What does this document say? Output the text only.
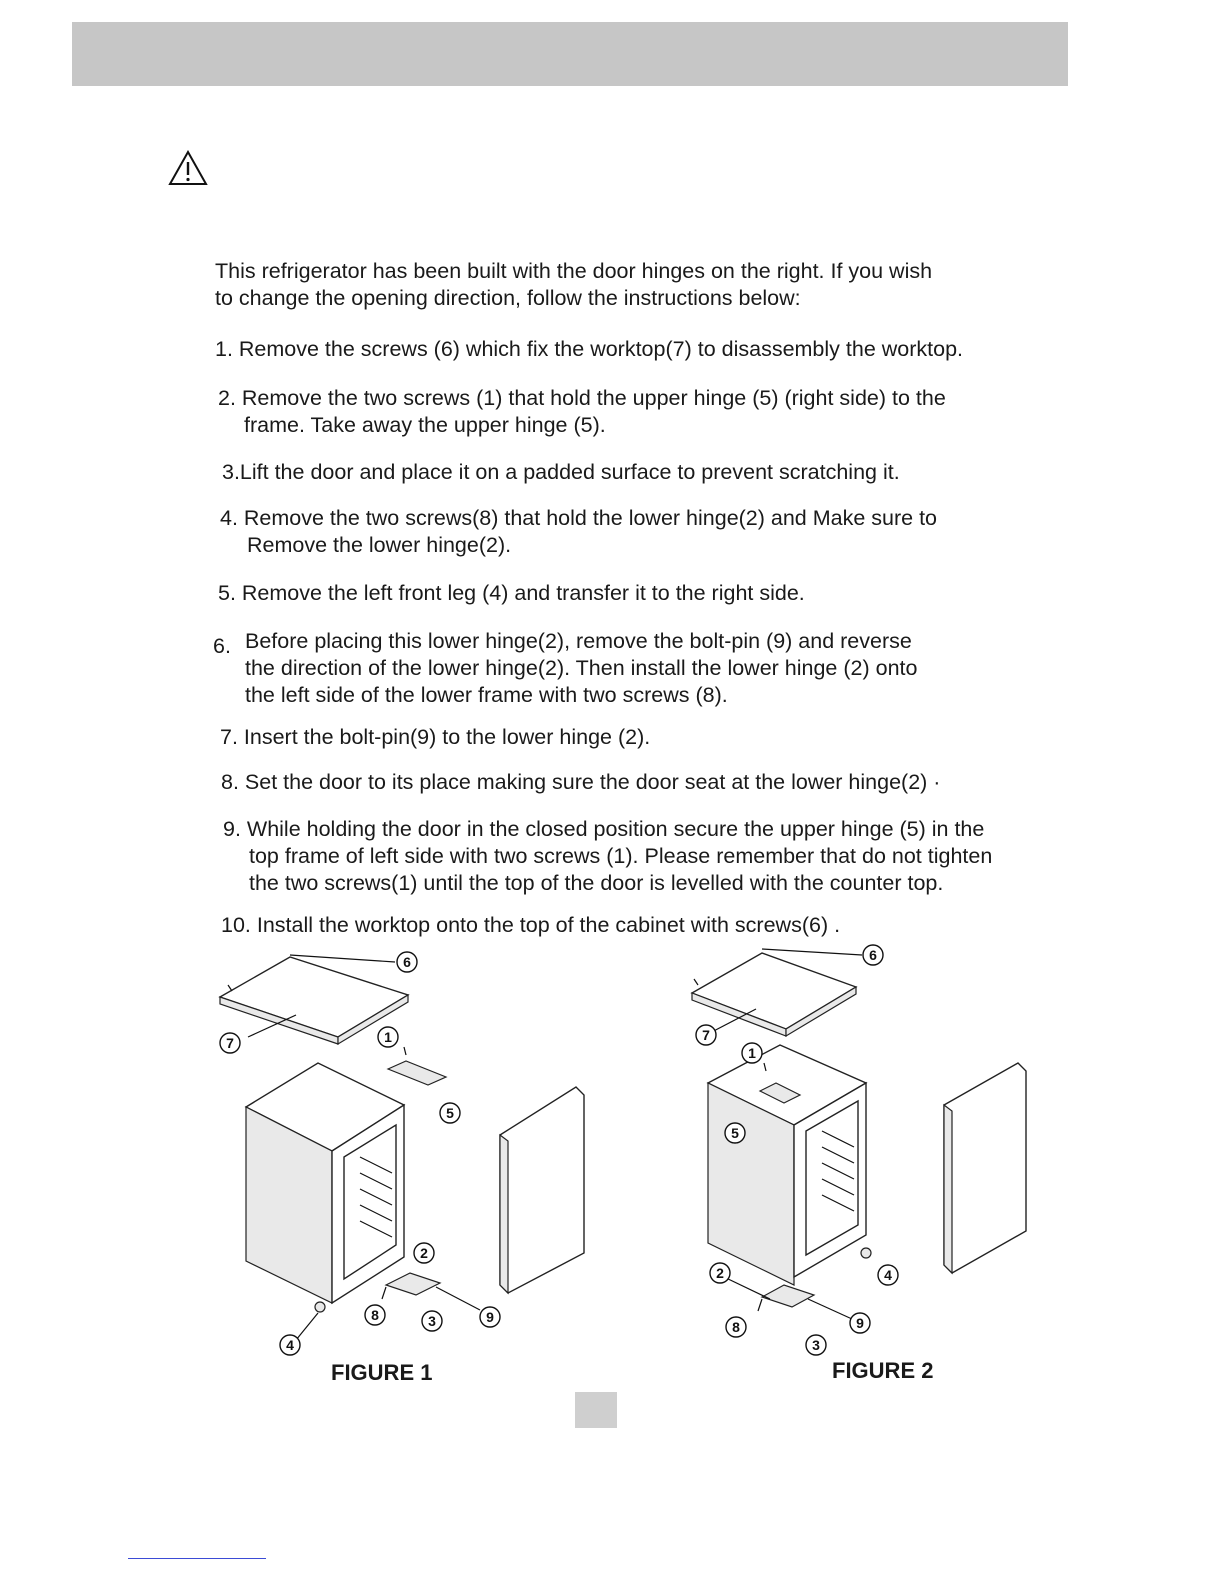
This refrigerator has been built with the door hinges on the right. If you wish
to change the opening direction, follow the instructions below:
1. Remove the screws (6) which fix the worktop(7) to disassembly the worktop.
2. Remove the two screws (1) that hold the upper hinge (5) (right side) to the
frame. Take away the upper hinge (5).
3.Lift the door and place it on a padded surface to prevent scratching it.
4. Remove the two screws(8) that hold the lower hinge(2) and Make sure to
Remove the lower hinge(2).
5. Remove the left front leg (4) and transfer it to the right side.
6. Before placing this lower hinge(2), remove the bolt-pin (9) and reverse
the direction of the lower hinge(2). Then install the lower hinge (2) onto
the left side of the lower frame with two screws (8).
7. Insert the bolt-pin(9) to the lower hinge (2).
8. Set the door to its place making sure the door seat at the lower hinge(2) ·
9. While holding the door in the closed position secure the upper hinge (5) in the
top frame of left side with two screws (1). Please remember that do not tighten
the two screws(1) until the top of the door is levelled with the counter top.
10. Install the worktop onto the top of the cabinet with screws(6) .
6
7	1
5
2
8	3	9
4
6
7
1
5
4
2
8
3
9
FIGURE 1	FIGURE 2
